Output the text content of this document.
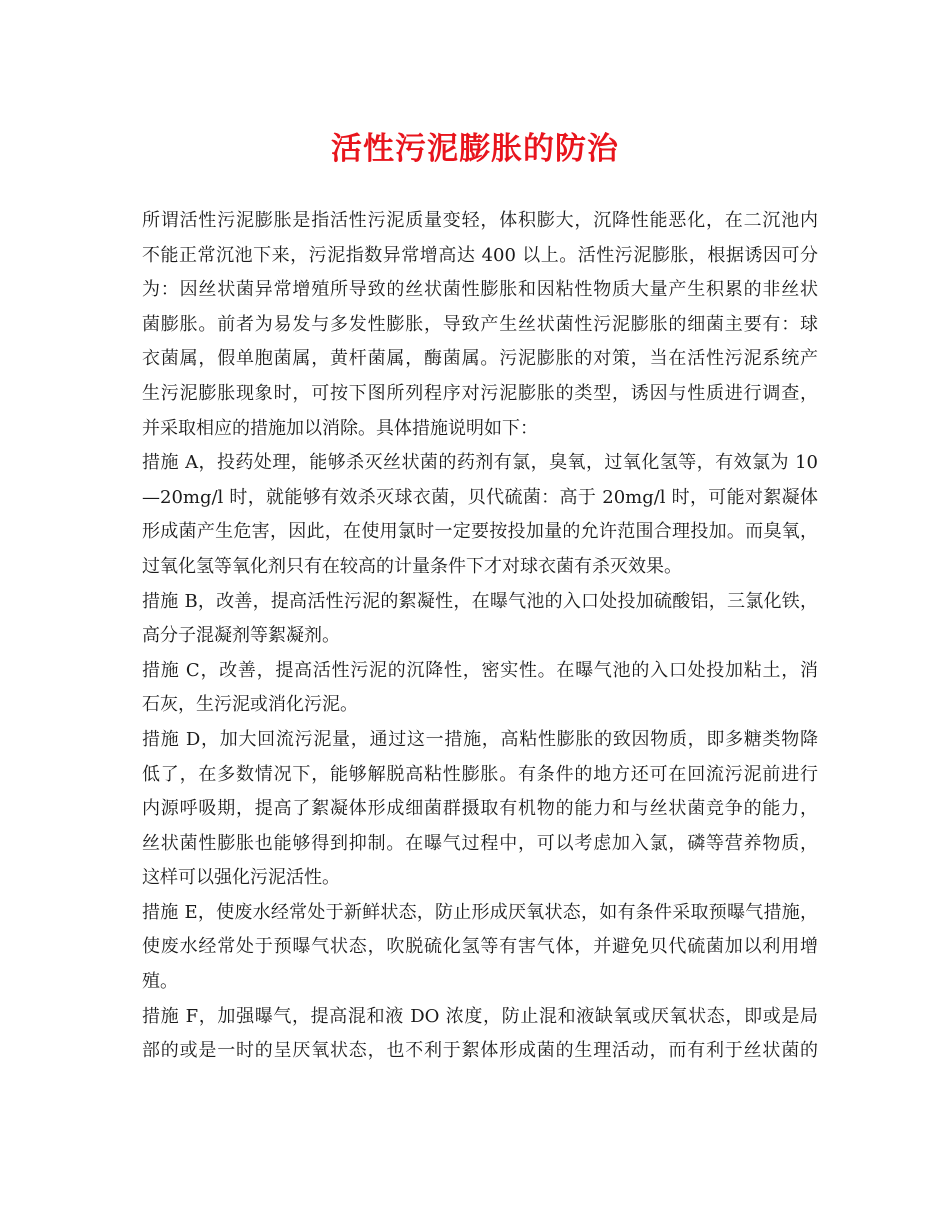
活性污泥膨胀的防治
所谓活性污泥膨胀是指活性污泥质量变轻，体积膨大，沉降性能恶化，在二沉池内
不能正常沉池下来，污泥指数异常增高达 400 以上。活性污泥膨胀，根据诱因可分
为：因丝状菌异常增殖所导致的丝状菌性膨胀和因粘性物质大量产生积累的非丝状
菌膨胀。前者为易发与多发性膨胀，导致产生丝状菌性污泥膨胀的细菌主要有：球
衣菌属，假单胞菌属，黄杆菌属，酶菌属。污泥膨胀的对策，当在活性污泥系统产
生污泥膨胀现象时，可按下图所列程序对污泥膨胀的类型，诱因与性质进行调查，
并采取相应的措施加以消除。具体措施说明如下：
措施 A，投药处理，能够杀灭丝状菌的药剂有氯，臭氧，过氧化氢等，有效氯为 10
—20mg/l 时，就能够有效杀灭球衣菌，贝代硫菌：高于 20mg/l 时，可能对絮凝体
形成菌产生危害，因此，在使用氯时一定要按投加量的允许范围合理投加。而臭氧，
过氧化氢等氧化剂只有在较高的计量条件下才对球衣菌有杀灭效果。
措施 B，改善，提高活性污泥的絮凝性，在曝气池的入口处投加硫酸铝，三氯化铁，
高分子混凝剂等絮凝剂。
措施 C，改善，提高活性污泥的沉降性，密实性。在曝气池的入口处投加粘土，消
石灰，生污泥或消化污泥。
措施 D，加大回流污泥量，通过这一措施，高粘性膨胀的致因物质，即多糖类物降
低了，在多数情况下，能够解脱高粘性膨胀。有条件的地方还可在回流污泥前进行
内源呼吸期，提高了絮凝体形成细菌群摄取有机物的能力和与丝状菌竞争的能力，
丝状菌性膨胀也能够得到抑制。在曝气过程中，可以考虑加入氯，磷等营养物质，
这样可以强化污泥活性。
措施 E，使废水经常处于新鲜状态，防止形成厌氧状态，如有条件采取预曝气措施，
使废水经常处于预曝气状态，吹脱硫化氢等有害气体，并避免贝代硫菌加以利用增
殖。
措施 F，加强曝气，提高混和液 DO 浓度，防止混和液缺氧或厌氧状态，即或是局
部的或是一时的呈厌氧状态，也不利于絮体形成菌的生理活动，而有利于丝状菌的
